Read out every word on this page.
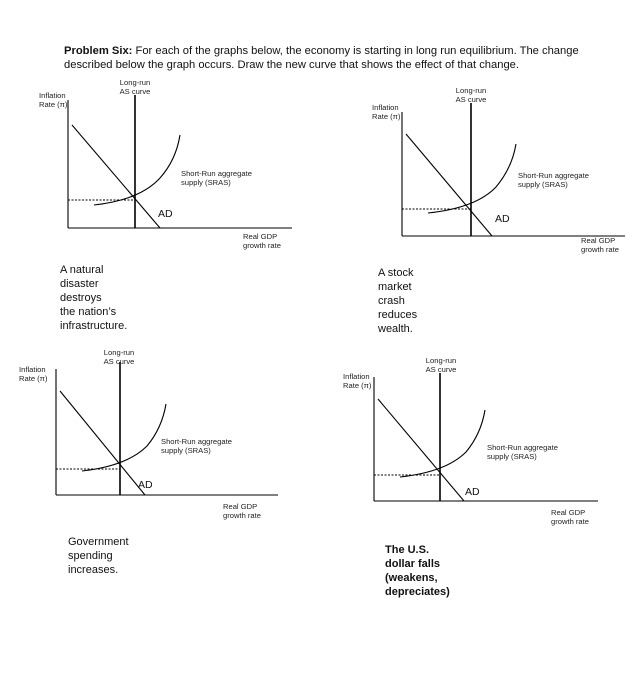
Problem Six: For each of the graphs below, the economy is starting in long run equilibrium. The change
described below the graph occurs. Draw the new curve that shows the effect of that change.
Long-run
AS curve
Inflation
Rate (π)
Short-Run aggregate
supply (SRAS)
AD
Real GDP
growth rate
A natural disaster destroys
the nation’s infrastructure.
Long-run
AS curve
Inflation
Rate (π)
Short-Run aggregate
supply (SRAS)
AD
Real GDP
growth rate
A stock market crash reduces wealth.
Long-run
AS curve
Inflation
Rate (π)
Short-Run aggregate
supply (SRAS)
AD
Real GDP
growth rate
Government spending increases.
Long-run
AS curve
Inflation
Rate (π)
Short-Run aggregate
supply (SRAS)
AD
Real GDP
growth rate
The U.S. dollar falls (weakens,
depreciates)
